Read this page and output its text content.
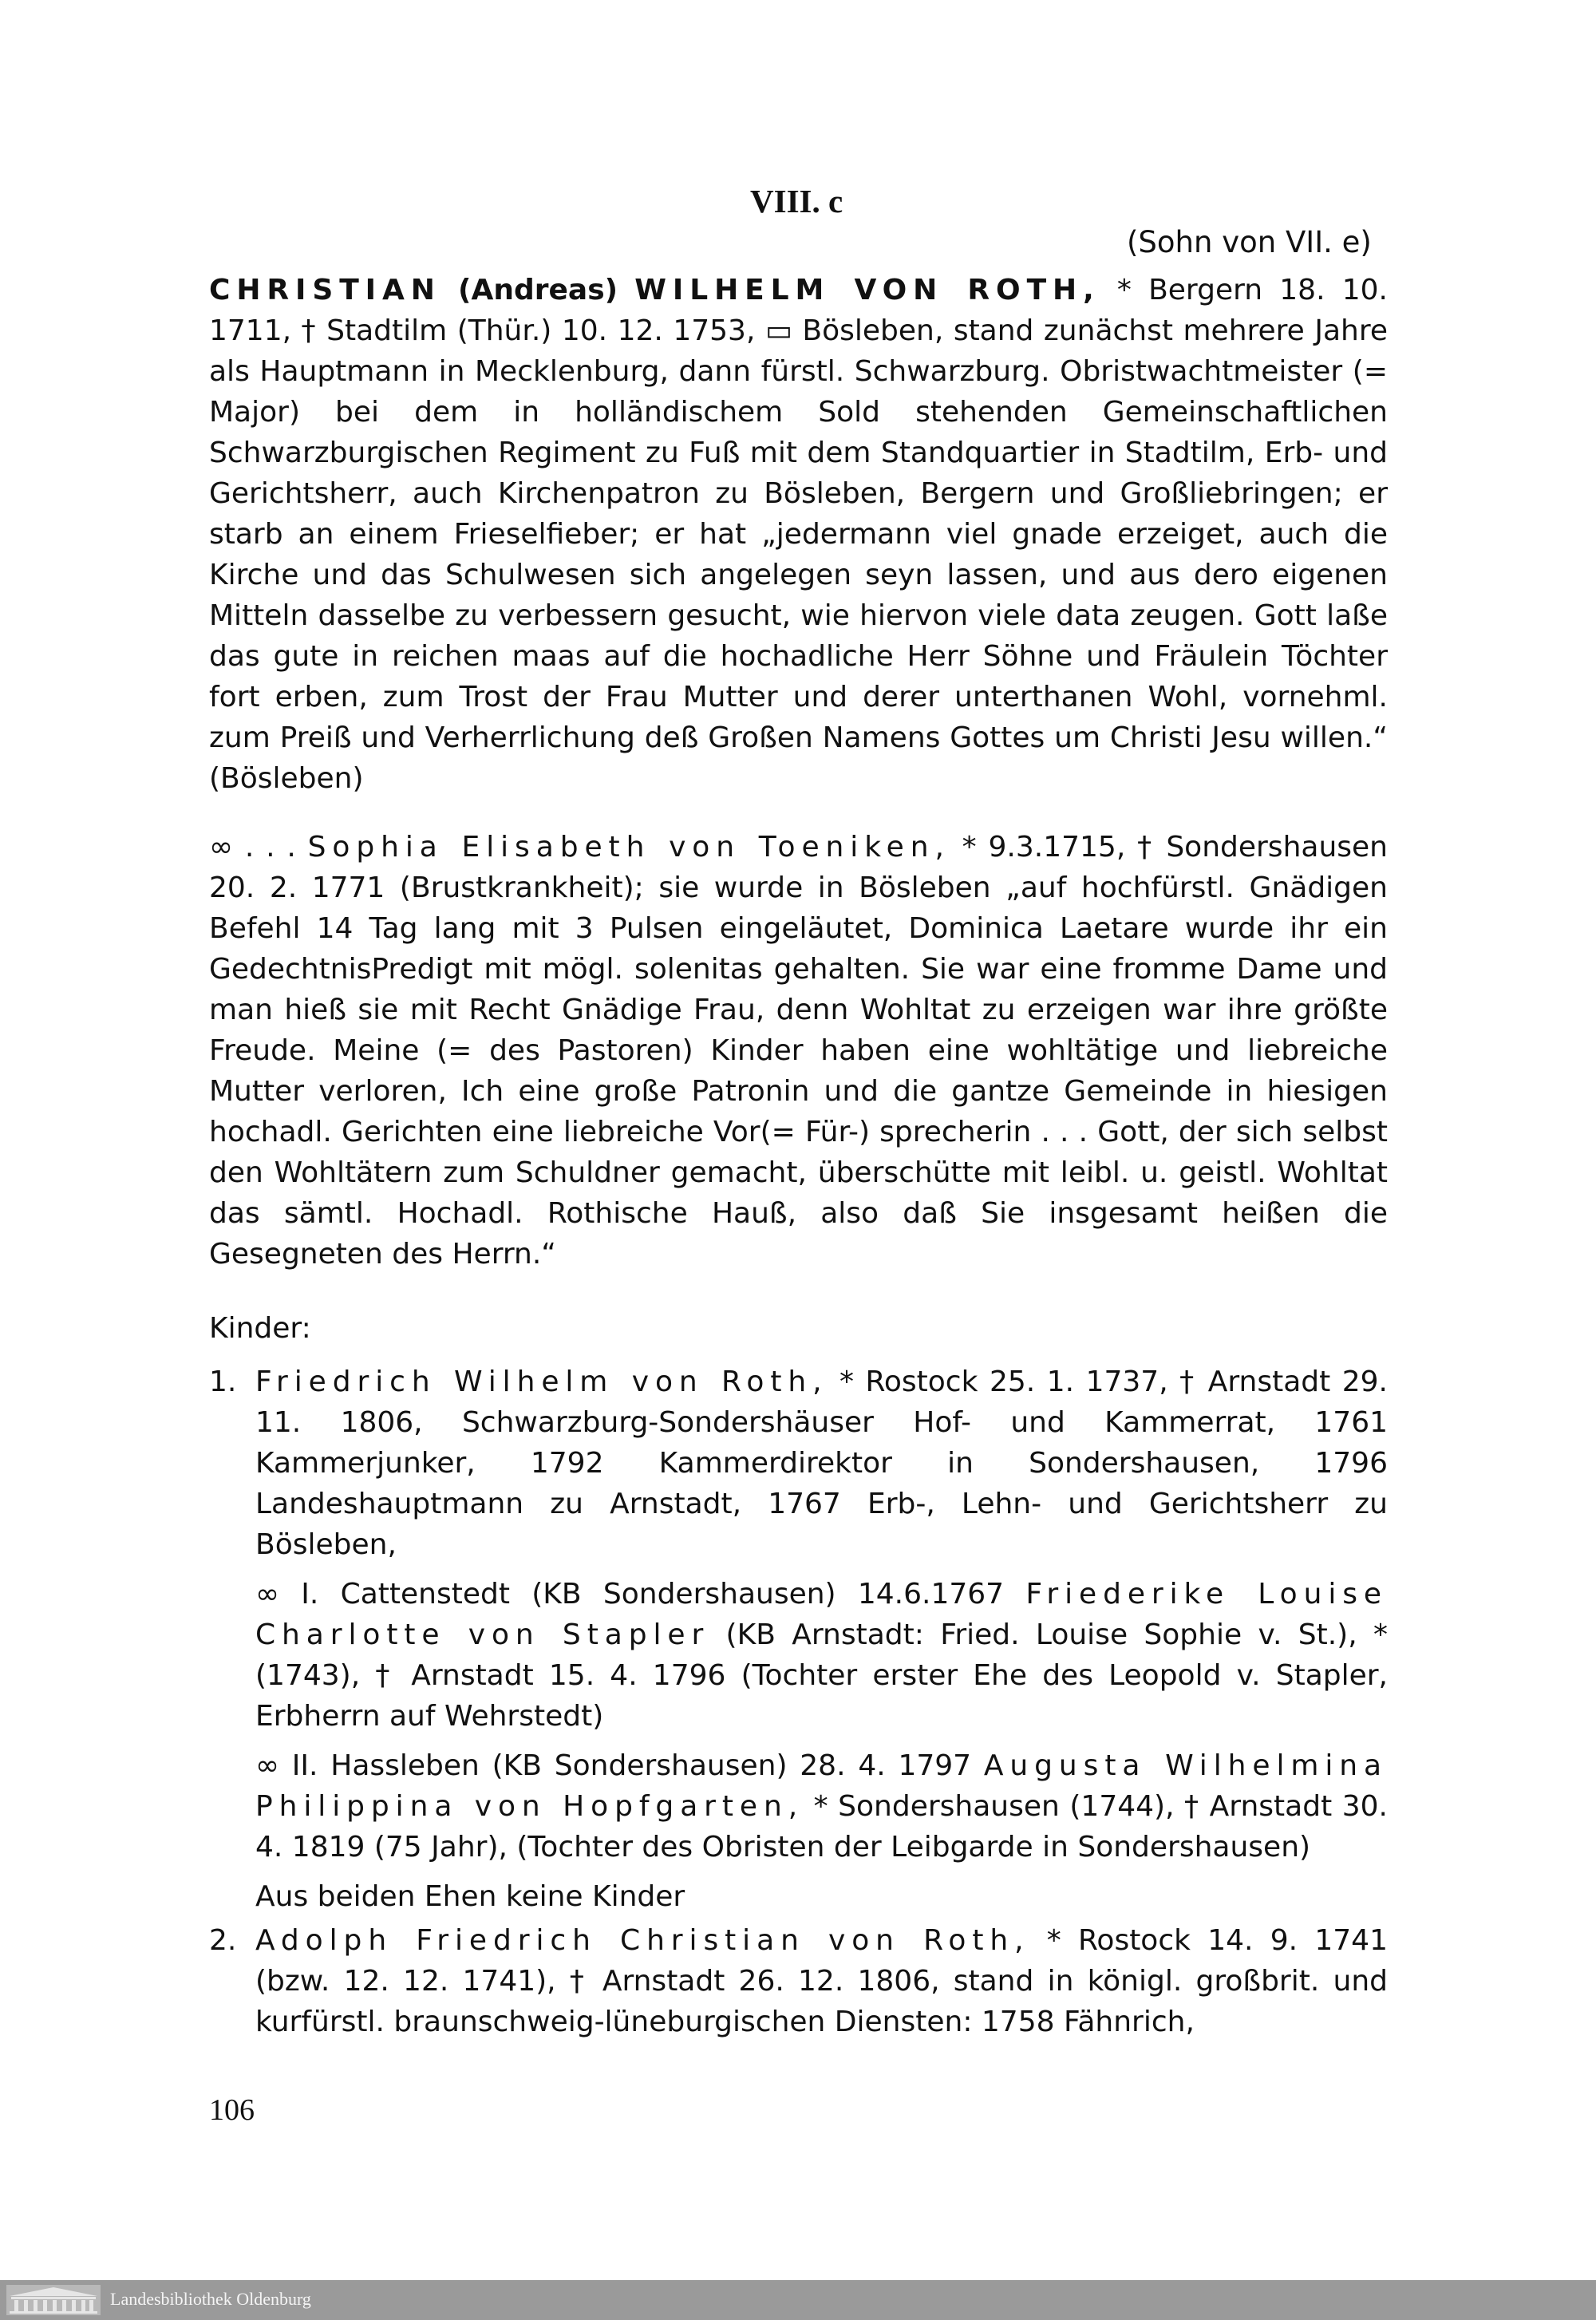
VIII. c
(Sohn von VII. e)

CHRISTIAN (Andreas) WILHELM VON ROTH, * Bergern 18. 10. 1711, † Stadtilm (Thür.) 10. 12. 1753, ▭ Bösleben, stand zunächst mehrere Jahre als Hauptmann in Mecklenburg, dann fürstl. Schwarzburg. Obristwachtmeister (= Major) bei dem in holländischem Sold stehenden Gemeinschaftlichen Schwarzburgischen Regiment zu Fuß mit dem Standquartier in Stadtilm, Erb- und Gerichtsherr, auch Kirchenpatron zu Bösleben, Bergern und Großliebringen; er starb an einem Frieselfieber; er hat „jedermann viel gnade erzeiget, auch die Kirche und das Schulwesen sich angelegen seyn lassen, und aus dero eigenen Mitteln dasselbe zu verbessern gesucht, wie hiervon viele data zeugen. Gott laße das gute in reichen maas auf die hochadliche Herr Söhne und Fräulein Töchter fort erben, zum Trost der Frau Mutter und derer unterthanen Wohl, vornehml. zum Preiß und Verherrlichung deß Großen Namens Gottes um Christi Jesu willen.“ (Bösleben)

∞ . . . Sophia Elisabeth von Toeniken, * 9.3.1715, † Sondershausen 20. 2. 1771 (Brustkrankheit); sie wurde in Bösleben „auf hochfürstl. Gnädigen Befehl 14 Tag lang mit 3 Pulsen eingeläutet, Dominica Laetare wurde ihr ein GedechtnisPredigt mit mögl. solenitas gehalten. Sie war eine fromme Dame und man hieß sie mit Recht Gnädige Frau, denn Wohltat zu erzeigen war ihre größte Freude. Meine (= des Pastoren) Kinder haben eine wohltätige und liebreiche Mutter verloren, Ich eine große Patronin und die gantze Gemeinde in hiesigen hochadl. Gerichten eine liebreiche Vor(= Für-) sprecherin . . . Gott, der sich selbst den Wohltätern zum Schuldner gemacht, überschütte mit leibl. u. geistl. Wohltat das sämtl. Hochadl. Rothische Hauß, also daß Sie insgesamt heißen die Gesegneten des Herrn.“

Kinder:
1. Friedrich Wilhelm von Roth, * Rostock 25. 1. 1737, † Arnstadt 29. 11. 1806, Schwarzburg-Sondershäuser Hof- und Kammerrat, 1761 Kammerjunker, 1792 Kammerdirektor in Sondershausen, 1796 Landeshauptmann zu Arnstadt, 1767 Erb-, Lehn- und Gerichtsherr zu Bösleben,

∞ I. Cattenstedt (KB Sondershausen) 14.6.1767 Friederike Louise Charlotte von Stapler (KB Arnstadt: Fried. Louise Sophie v. St.), * (1743), † Arnstadt 15. 4. 1796 (Tochter erster Ehe des Leopold v. Stapler, Erbherrn auf Wehrstedt)

∞ II. Hassleben (KB Sondershausen) 28. 4. 1797 Augusta Wilhelmina Philippina von Hopfgarten, * Sondershausen (1744), † Arnstadt 30. 4. 1819 (75 Jahr), (Tochter des Obristen der Leibgarde in Sondershausen)

Aus beiden Ehen keine Kinder

2. Adolph Friedrich Christian von Roth, * Rostock 14. 9. 1741 (bzw. 12. 12. 1741), † Arnstadt 26. 12. 1806, stand in königl. großbrit. und kurfürstl. braunschweig-lüneburgischen Diensten: 1758 Fähnrich,

106
Landesbibliothek Oldenburg
